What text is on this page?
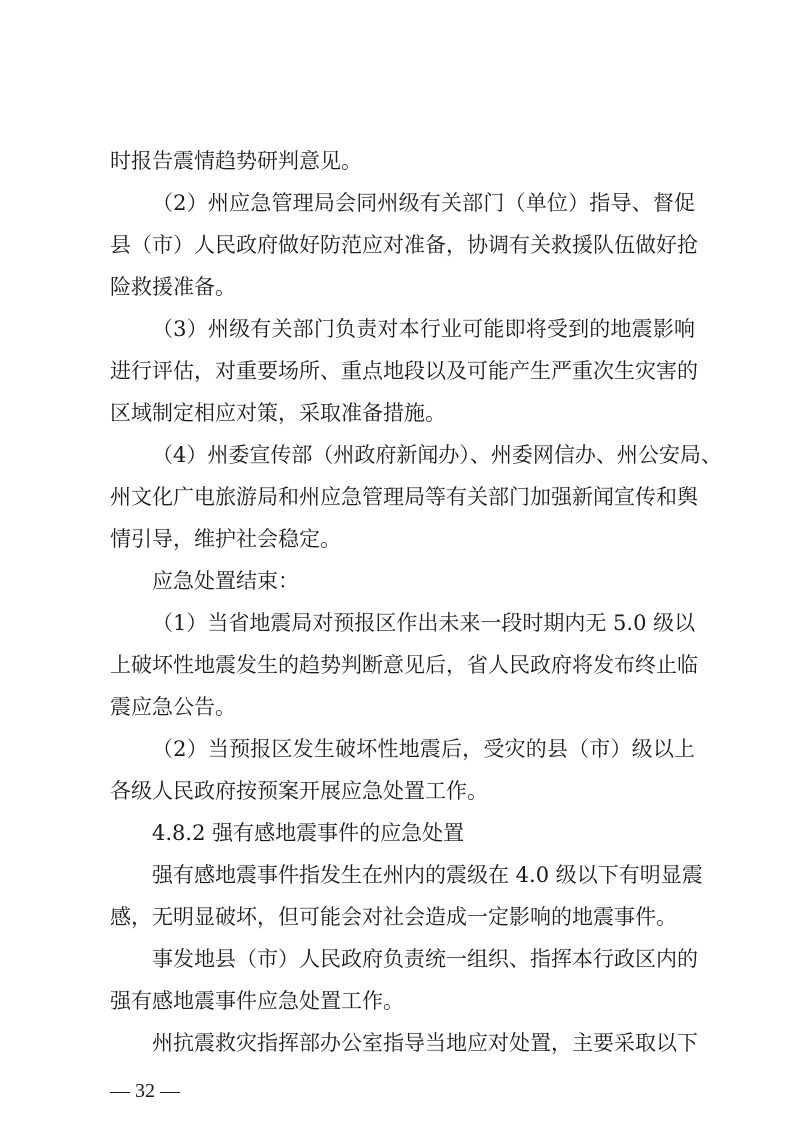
时报告震情趋势研判意见。
（2）州应急管理局会同州级有关部门（单位）指导、督促
县（市）人民政府做好防范应对准备，协调有关救援队伍做好抢
险救援准备。
（3）州级有关部门负责对本行业可能即将受到的地震影响
进行评估，对重要场所、重点地段以及可能产生严重次生灾害的
区域制定相应对策，采取准备措施。
（4）州委宣传部（州政府新闻办）、州委网信办、州公安局、
州文化广电旅游局和州应急管理局等有关部门加强新闻宣传和舆
情引导，维护社会稳定。
应急处置结束：
（1）当省地震局对预报区作出未来一段时期内无 5.0 级以
上破坏性地震发生的趋势判断意见后，省人民政府将发布终止临
震应急公告。
（2）当预报区发生破坏性地震后，受灾的县（市）级以上
各级人民政府按预案开展应急处置工作。
4.8.2 强有感地震事件的应急处置
强有感地震事件指发生在州内的震级在 4.0 级以下有明显震
感，无明显破坏，但可能会对社会造成一定影响的地震事件。
事发地县（市）人民政府负责统一组织、指挥本行政区内的
强有感地震事件应急处置工作。
州抗震救灾指挥部办公室指导当地应对处置，主要采取以下
— 32 —
